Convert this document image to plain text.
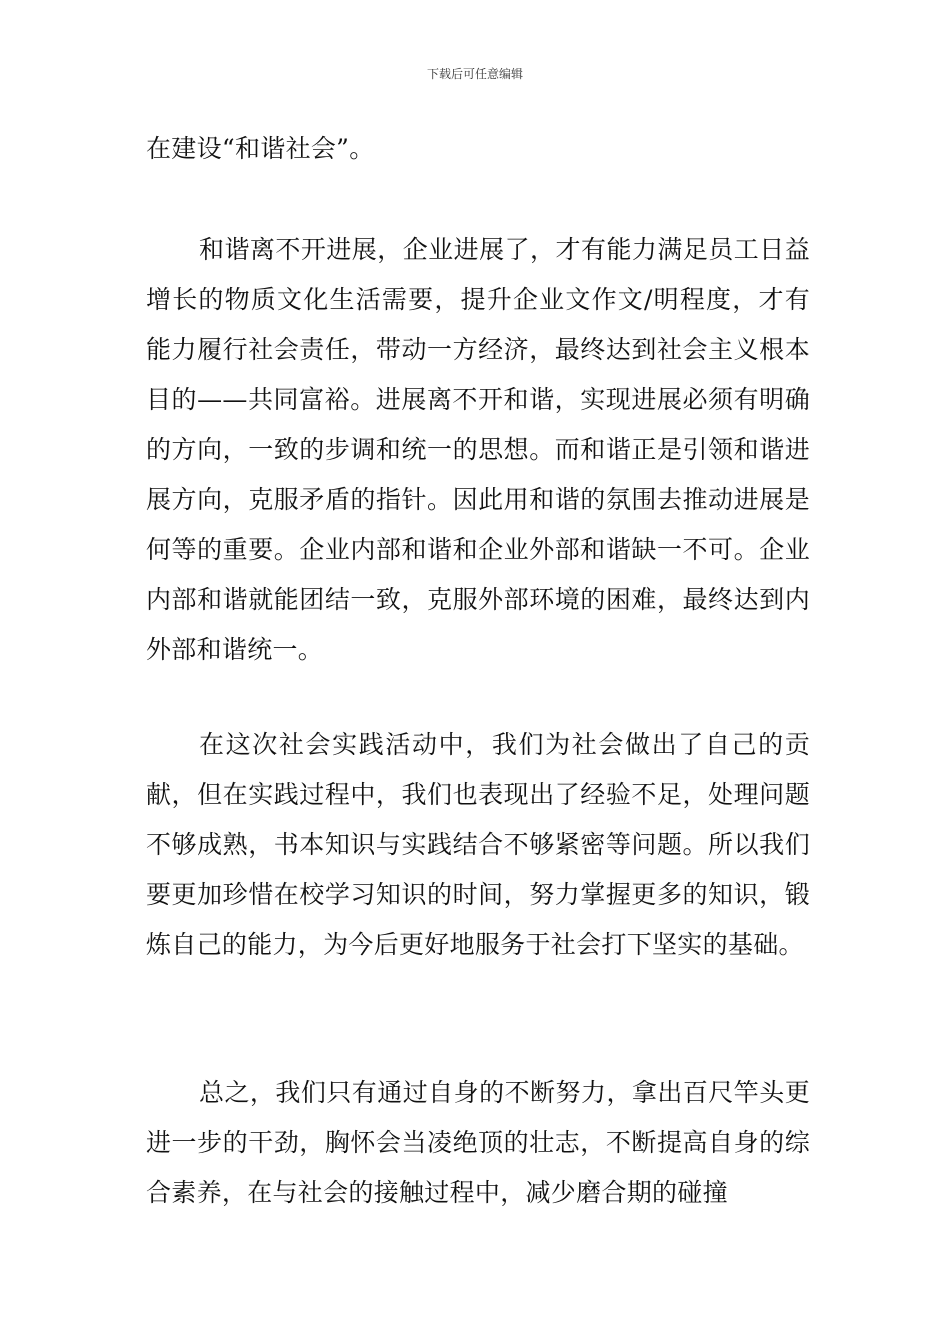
下载后可任意编辑

在建设“和谐社会”。

和谐离不开进展，企业进展了，才有能力满足员工日益增长的物质文化生活需要，提升企业文作文/明程度，才有能力履行社会责任，带动一方经济，最终达到社会主义根本目的——共同富裕。进展离不开和谐，实现进展必须有明确的方向，一致的步调和统一的思想。而和谐正是引领和谐进展方向，克服矛盾的指针。因此用和谐的氛围去推动进展是何等的重要。企业内部和谐和企业外部和谐缺一不可。企业内部和谐就能团结一致，克服外部环境的困难，最终达到内外部和谐统一。

在这次社会实践活动中，我们为社会做出了自己的贡献，但在实践过程中，我们也表现出了经验不足，处理问题不够成熟，书本知识与实践结合不够紧密等问题。所以我们要更加珍惜在校学习知识的时间，努力掌握更多的知识，锻炼自己的能力，为今后更好地服务于社会打下坚实的基础。

总之，我们只有通过自身的不断努力，拿出百尺竿头更进一步的干劲，胸怀会当凌绝顶的壮志，不断提高自身的综合素养，在与社会的接触过程中，减少磨合期的碰撞
